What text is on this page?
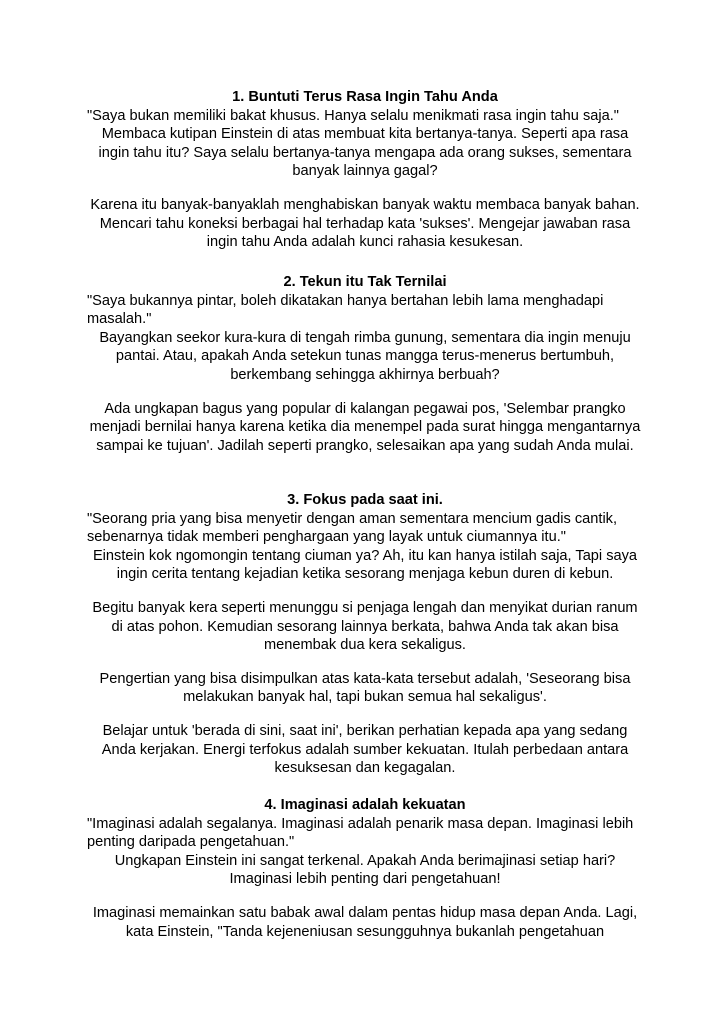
1. Buntuti Terus Rasa Ingin Tahu Anda
"Saya bukan memiliki bakat khusus. Hanya selalu menikmati rasa ingin tahu saja."
Membaca kutipan Einstein di atas membuat kita bertanya-tanya. Seperti apa rasa ingin tahu itu? Saya selalu bertanya-tanya mengapa ada orang sukses, sementara banyak lainnya gagal?
Karena itu banyak-banyaklah menghabiskan banyak waktu membaca banyak bahan. Mencari tahu koneksi berbagai hal terhadap kata 'sukses'. Mengejar jawaban rasa ingin tahu Anda adalah kunci rahasia kesukesan.
2. Tekun itu Tak Ternilai
"Saya bukannya pintar, boleh dikatakan hanya bertahan lebih lama menghadapi
masalah."
Bayangkan seekor kura-kura di tengah rimba gunung, sementara dia ingin menuju pantai. Atau, apakah Anda setekun tunas mangga terus-menerus bertumbuh, berkembang sehingga akhirnya berbuah?
Ada ungkapan bagus yang popular di kalangan pegawai pos, 'Selembar prangko menjadi bernilai hanya karena ketika dia menempel pada surat hingga mengantarnya sampai ke tujuan'. Jadilah seperti prangko, selesaikan apa yang sudah Anda mulai.
3. Fokus pada saat ini.
"Seorang pria yang bisa menyetir dengan aman sementara mencium gadis cantik,
sebenarnya tidak memberi penghargaan yang layak untuk ciumannya itu."
Einstein kok ngomongin tentang ciuman ya? Ah, itu kan hanya istilah saja, Tapi saya ingin cerita tentang kejadian ketika sesorang menjaga kebun duren di kebun.
Begitu banyak kera seperti menunggu si penjaga lengah dan menyikat durian ranum di atas pohon. Kemudian sesorang lainnya berkata, bahwa Anda tak akan bisa menembak dua kera sekaligus.
Pengertian yang bisa disimpulkan atas kata-kata tersebut adalah, 'Seseorang bisa melakukan banyak hal, tapi bukan semua hal sekaligus'.
Belajar untuk 'berada di sini, saat ini', berikan perhatian kepada apa yang sedang Anda kerjakan. Energi terfokus adalah sumber kekuatan. Itulah perbedaan antara kesuksesan dan kegagalan.
4. Imaginasi adalah kekuatan
"Imaginasi adalah segalanya. Imaginasi adalah penarik masa depan. Imaginasi lebih
penting daripada pengetahuan."
Ungkapan Einstein ini sangat terkenal. Apakah Anda berimajinasi setiap hari? Imaginasi lebih penting dari pengetahuan!
Imaginasi memainkan satu babak awal dalam pentas hidup masa depan Anda. Lagi, kata Einstein, "Tanda kejeneniusan sesungguhnya bukanlah pengetahuan
